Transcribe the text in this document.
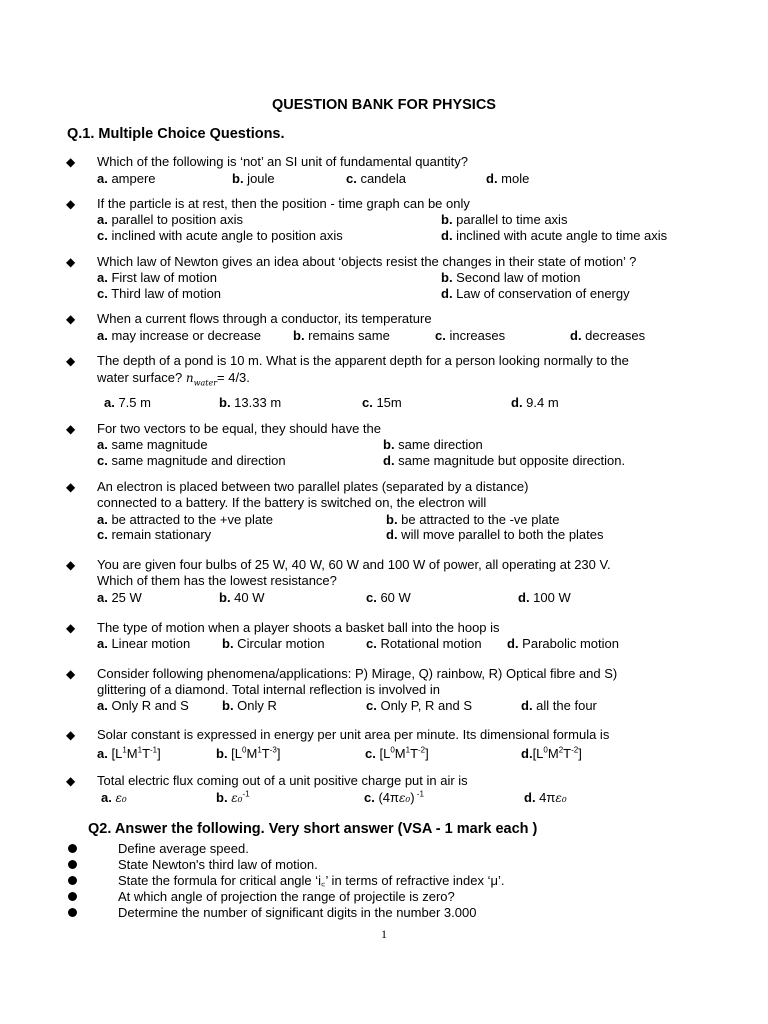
QUESTION BANK FOR PHYSICS
Q.1. Multiple Choice Questions.
◆ Which of the following is ‘not’ an SI unit of fundamental quantity?
a. ampere	b. joule	c. candela	d. mole
◆ If the particle is at rest, then the position - time graph can be only
a. parallel to position axis	b. parallel to time axis
c. inclined with acute angle to position axis	d. inclined with acute angle to time axis
◆ Which law of Newton gives an idea about ‘objects resist the changes in their state of motion’ ?
a. First law of motion	b. Second law of motion
c. Third law of motion	d. Law of conservation of energy
◆ When a current flows through a conductor, its temperature
a. may increase or decrease b. remains same	c. increases	d. decreases
◆ The depth of a pond is 10 m. What is the apparent depth for a person looking normally to the
water surface? $n_{water}= 4/3$.
a. 7.5 m	b. 13.33 m	c. 15m	d. 9.4 m
◆ For two vectors to be equal, they should have the
a. same magnitude	b. same direction
c. same magnitude and direction	d. same magnitude but opposite direction.
◆ An electron is placed between two parallel plates (separated by a distance)
connected to a battery. If the battery is switched on, the electron will
a. be attracted to the +ve plate	b. be attracted to the -ve plate
c. remain stationary	d. will move parallel to both the plates
◆ You are given four bulbs of 25 W, 40 W, 60 W and 100 W of power, all operating at 230 V.
Which of them has the lowest resistance?
a. 25 W	b. 40 W	c. 60 W	d. 100 W
◆ The type of motion when a player shoots a basket ball into the hoop is
a. Linear motion b. Circular motion	c. Rotational motion d. Parabolic motion
◆ Consider following phenomena/applications: P) Mirage, Q) rainbow, R) Optical fibre and S)
glittering of a diamond. Total internal reflection is involved in
a. Only R and S	b. Only R	c. Only P, R and S	d. all the four
◆ Solar constant is expressed in energy per unit area per minute. Its dimensional formula is
a. $[L^1M^1T^{-1}]$	b. $[L^0M^1T^{-3}]$	c. $[L^0M^1T^{-2}]$	$d.[L^0M^2T^{-2}]$
◆ Total electric flux coming out of a unit positive charge put in air is
a. ε₀	b. ε₀$^{-1}$	c. (4πε₀) $^{-1}$	d. 4πε₀
Q2. Answer the following. Very short answer (VSA - 1 mark each )
Define average speed.
State Newton's third law of motion.
State the formula for critical angle ‘i꜀’ in terms of refractive index ‘μ’.
At which angle of projection the range of projectile is zero?
Determine the number of significant digits in the number 3.000
1
